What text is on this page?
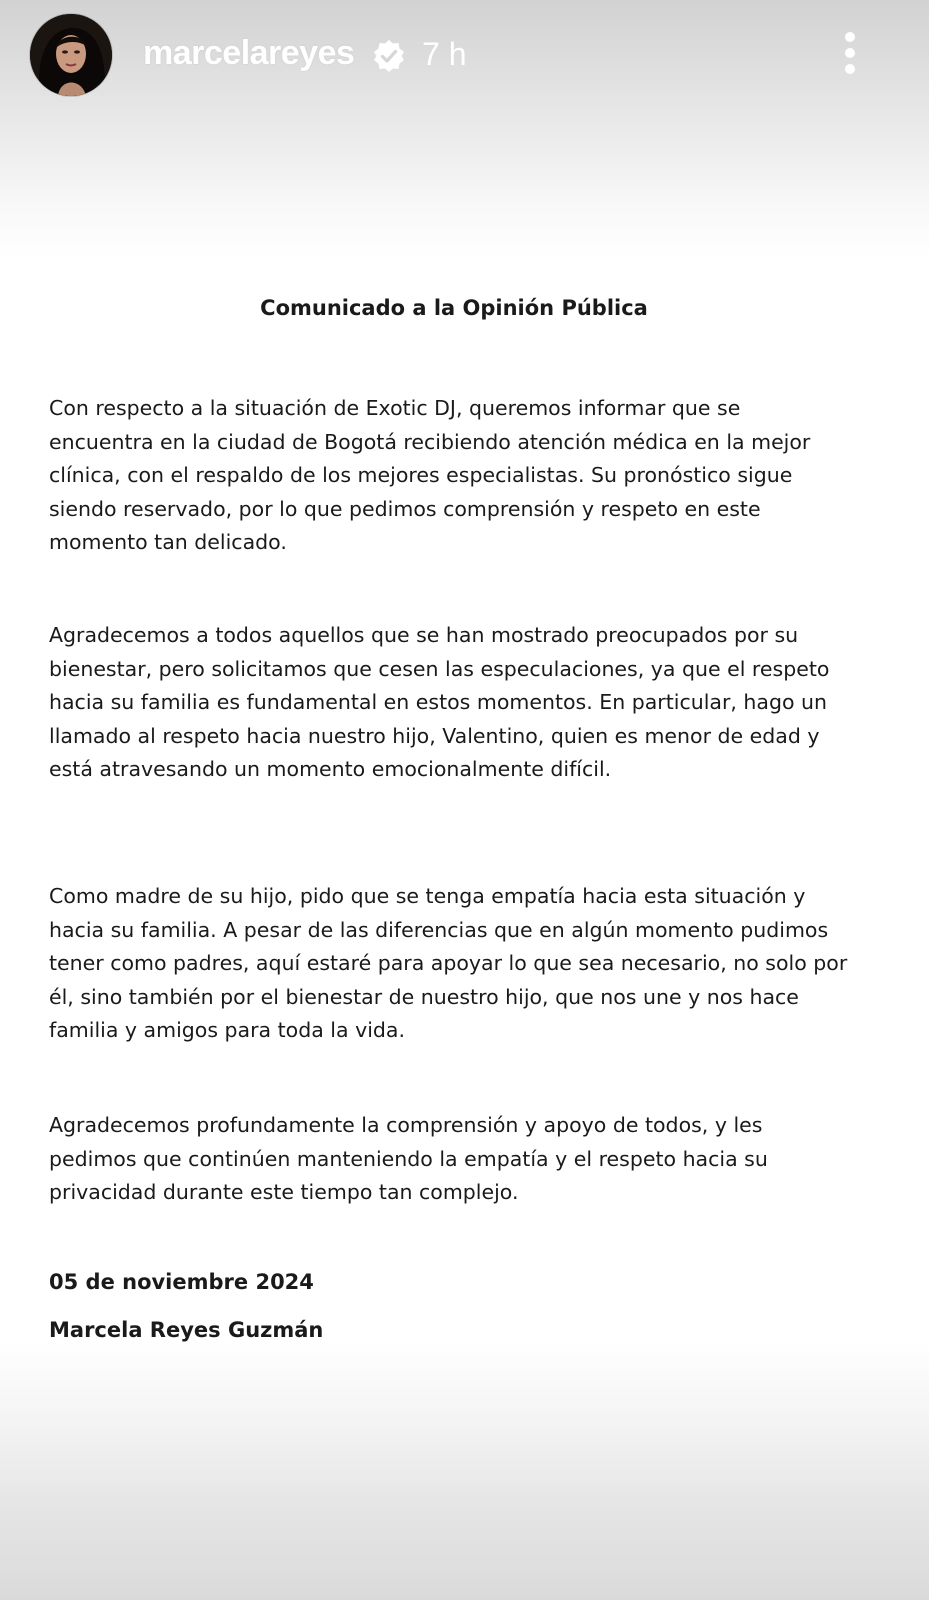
marcelareyes 7 h
Comunicado a la Opinión Pública

Con respecto a la situación de Exotic DJ, queremos informar que se encuentra en la ciudad de Bogotá recibiendo atención médica en la mejor clínica, con el respaldo de los mejores especialistas. Su pronóstico sigue siendo reservado, por lo que pedimos comprensión y respeto en este momento tan delicado.

Agradecemos a todos aquellos que se han mostrado preocupados por su bienestar, pero solicitamos que cesen las especulaciones, ya que el respeto hacia su familia es fundamental en estos momentos. En particular, hago un llamado al respeto hacia nuestro hijo, Valentino, quien es menor de edad y está atravesando un momento emocionalmente difícil.

Como madre de su hijo, pido que se tenga empatía hacia esta situación y hacia su familia. A pesar de las diferencias que en algún momento pudimos tener como padres, aquí estaré para apoyar lo que sea necesario, no solo por él, sino también por el bienestar de nuestro hijo, que nos une y nos hace familia y amigos para toda la vida.

Agradecemos profundamente la comprensión y apoyo de todos, y les pedimos que continúen manteniendo la empatía y el respeto hacia su privacidad durante este tiempo tan complejo.

05 de noviembre 2024

Marcela Reyes Guzmán
